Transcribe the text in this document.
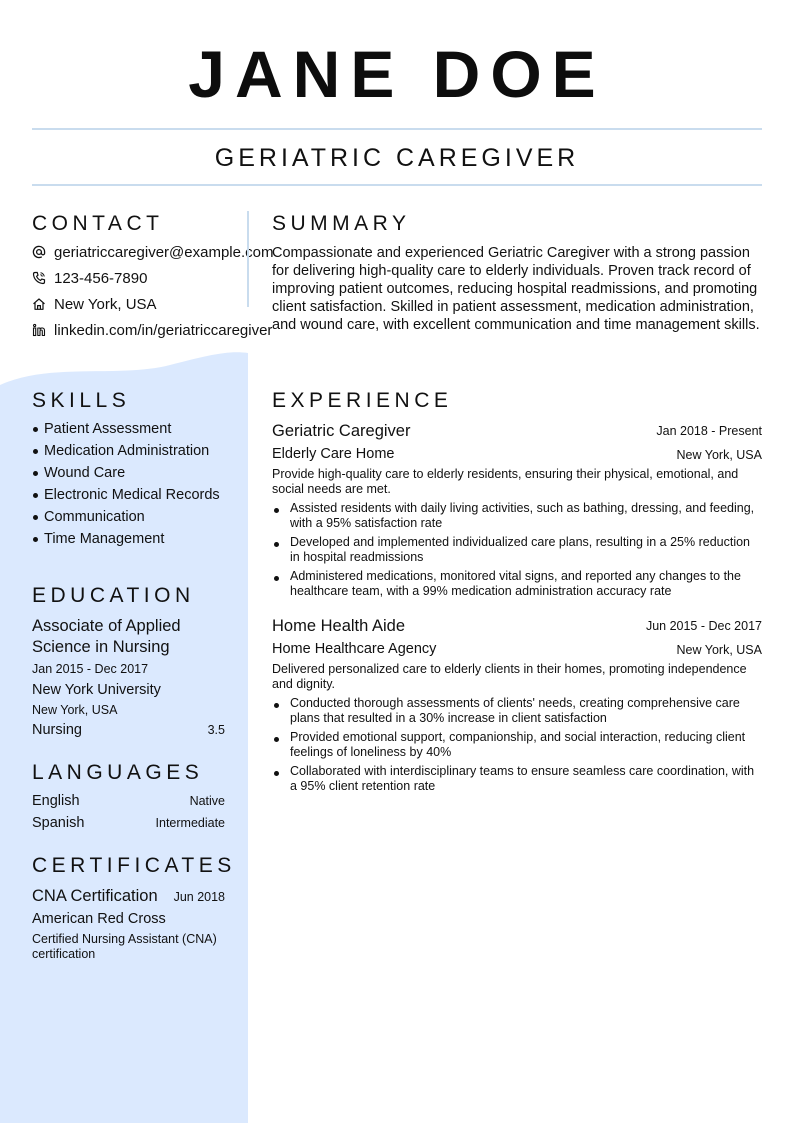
JANE DOE
GERIATRIC CAREGIVER
CONTACT
geriatriccaregiver@example.com
123-456-7890
New York, USA
linkedin.com/in/geriatriccaregiver
SUMMARY
Compassionate and experienced Geriatric Caregiver with a strong passion for delivering high-quality care to elderly individuals. Proven track record of improving patient outcomes, reducing hospital readmissions, and promoting client satisfaction. Skilled in patient assessment, medication administration, and wound care, with excellent communication and time management skills.
SKILLS
Patient Assessment
Medication Administration
Wound Care
Electronic Medical Records
Communication
Time Management
EDUCATION
Associate of Applied Science in Nursing
Jan 2015 - Dec 2017
New York University
New York, USA
Nursing	3.5
LANGUAGES
English	Native
Spanish	Intermediate
CERTIFICATES
CNA Certification Jun 2018
American Red Cross
Certified Nursing Assistant (CNA) certification
EXPERIENCE
Geriatric Caregiver	Jan 2018 - Present
Elderly Care Home	New York, USA
Provide high-quality care to elderly residents, ensuring their physical, emotional, and social needs are met.
Assisted residents with daily living activities, such as bathing, dressing, and feeding, with a 95% satisfaction rate
Developed and implemented individualized care plans, resulting in a 25% reduction in hospital readmissions
Administered medications, monitored vital signs, and reported any changes to the healthcare team, with a 99% medication administration accuracy rate
Home Health Aide	Jun 2015 - Dec 2017
Home Healthcare Agency	New York, USA
Delivered personalized care to elderly clients in their homes, promoting independence and dignity.
Conducted thorough assessments of clients' needs, creating comprehensive care plans that resulted in a 30% increase in client satisfaction
Provided emotional support, companionship, and social interaction, reducing client feelings of loneliness by 40%
Collaborated with interdisciplinary teams to ensure seamless care coordination, with a 95% client retention rate
